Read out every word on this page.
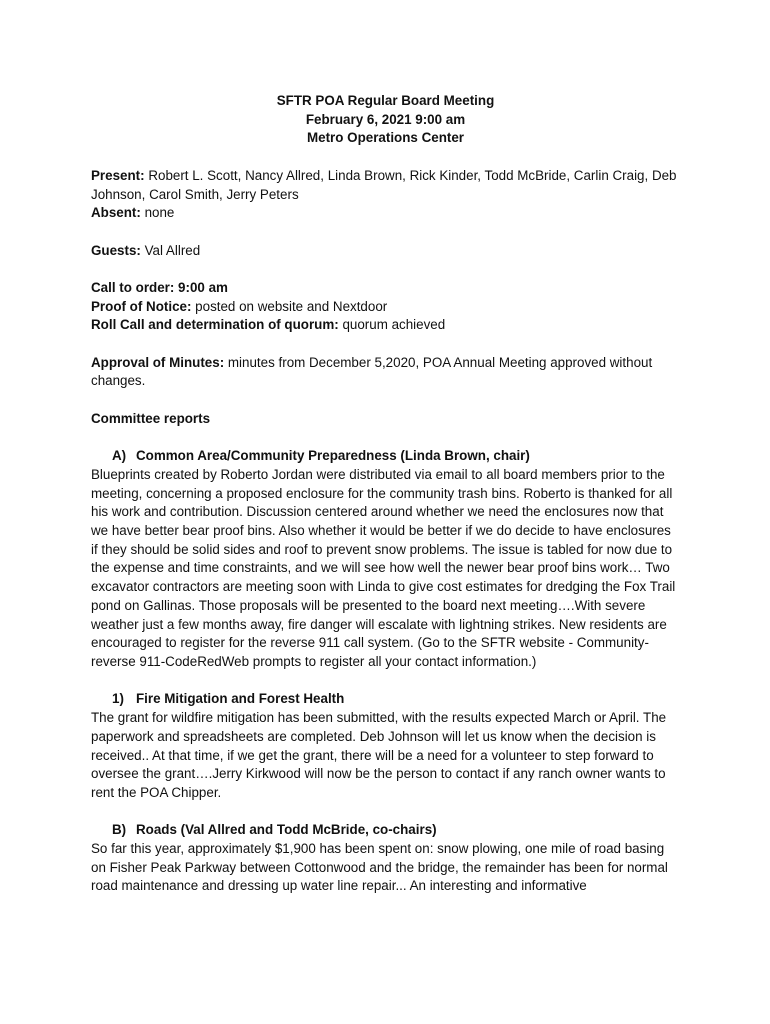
SFTR POA Regular Board Meeting
February 6, 2021 9:00 am
Metro Operations Center

Present: Robert L. Scott, Nancy Allred, Linda Brown, Rick Kinder, Todd McBride, Carlin Craig, Deb Johnson, Carol Smith, Jerry Peters

Absent: none

Guests: Val Allred

Call to order: 9:00 am

Proof of Notice: posted on website and Nextdoor

Roll Call and determination of quorum: quorum achieved

Approval of Minutes: minutes from December 5,2020, POA Annual Meeting approved without changes.

Committee reports

A) Common Area/Community Preparedness (Linda Brown, chair)

Blueprints created by Roberto Jordan were distributed via email to all board members prior to the meeting, concerning a proposed enclosure for the community trash bins. Roberto is thanked for all his work and contribution. Discussion centered around whether we need the enclosures now that we have better bear proof bins. Also whether it would be better if we do decide to have enclosures if they should be solid sides and roof to prevent snow problems. The issue is tabled for now due to the expense and time constraints, and we will see how well the newer bear proof bins work… Two excavator contractors are meeting soon with Linda to give cost estimates for dredging the Fox Trail pond on Gallinas. Those proposals will be presented to the board next meeting….With severe weather just a few months away, fire danger will escalate with lightning strikes. New residents are encouraged to register for the reverse 911 call system. (Go to the SFTR website - Community-reverse 911-CodeRedWeb prompts to register all your contact information.)

1) Fire Mitigation and Forest Health

The grant for wildfire mitigation has been submitted, with the results expected March or April. The paperwork and spreadsheets are completed. Deb Johnson will let us know when the decision is received.. At that time, if we get the grant, there will be a need for a volunteer to step forward to oversee the grant….Jerry Kirkwood will now be the person to contact if any ranch owner wants to rent the POA Chipper.

B) Roads (Val Allred and Todd McBride, co-chairs)

So far this year, approximately $1,900 has been spent on: snow plowing, one mile of road basing on Fisher Peak Parkway between Cottonwood and the bridge, the remainder has been for normal road maintenance and dressing up water line repair... An interesting and informative
